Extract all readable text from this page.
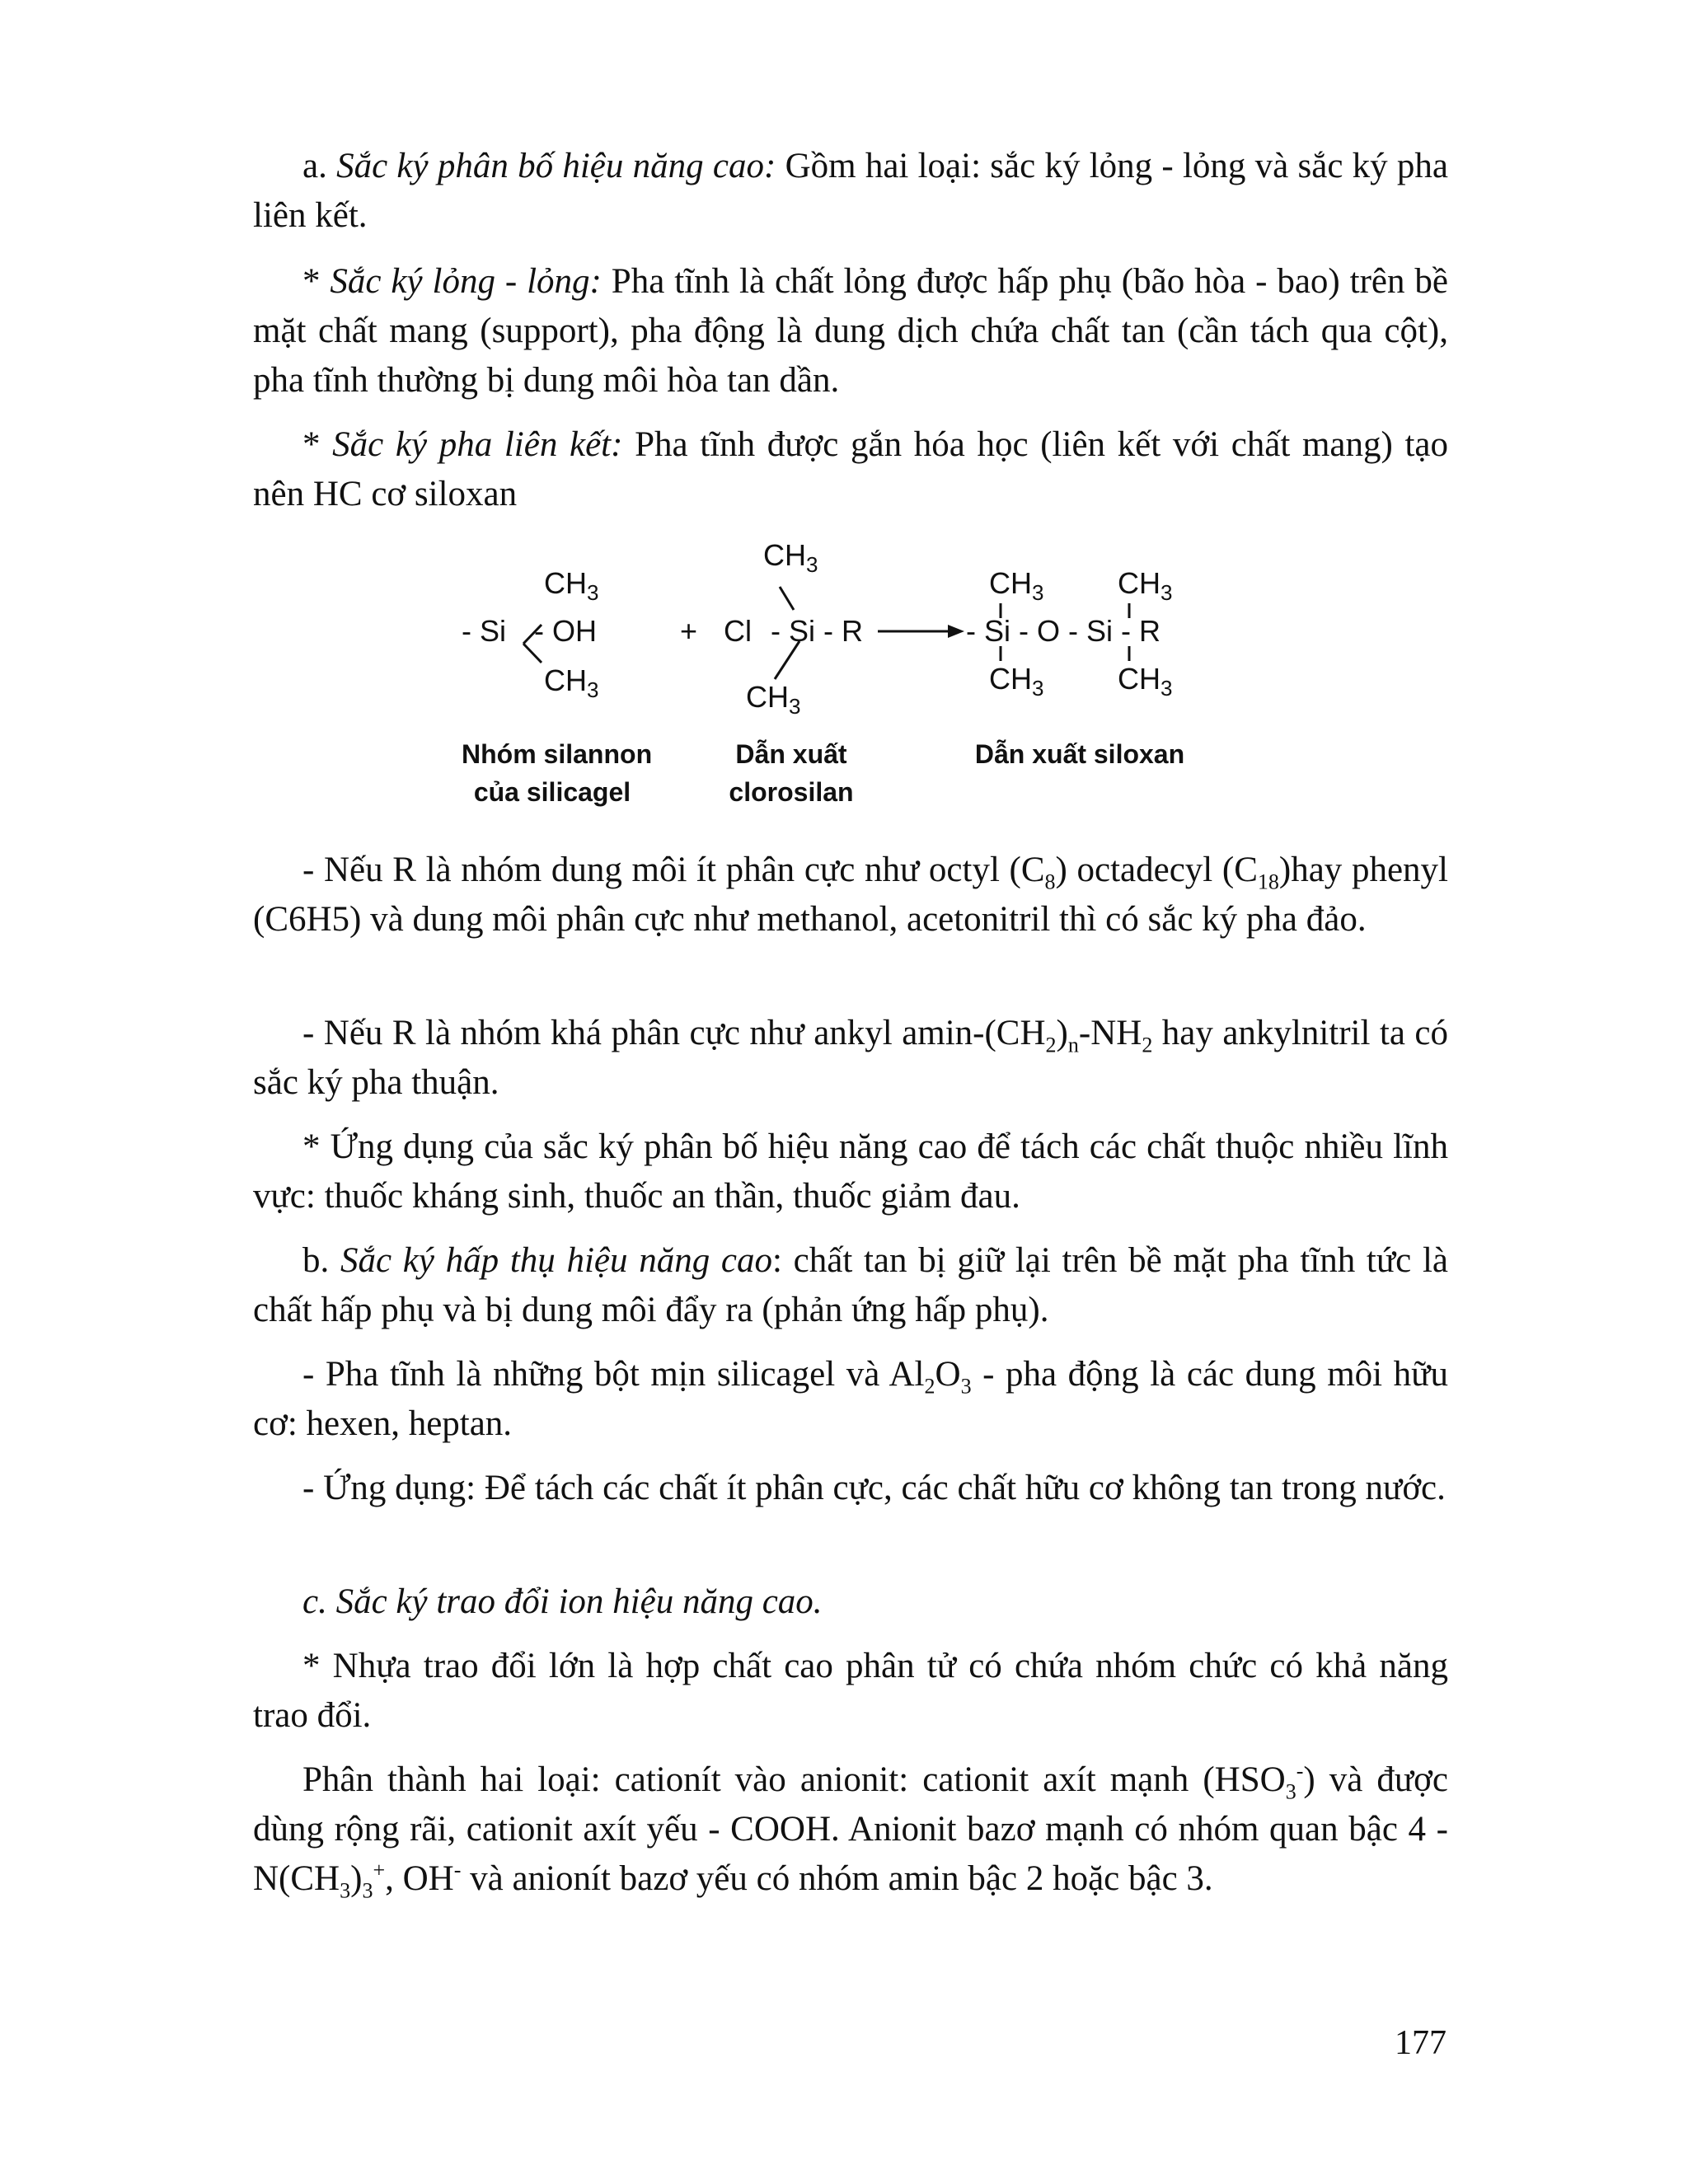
a. Sắc ký phân bố hiệu năng cao: Gồm hai loại: sắc ký lỏng - lỏng và sắc ký pha liên kết.

* Sắc ký lỏng - lỏng: Pha tĩnh là chất lỏng được hấp phụ (bão hòa - bao) trên bề mặt chất mang (support), pha động là dung dịch chứa chất tan (cần tách qua cột), pha tĩnh thường bị dung môi hòa tan dần.

* Sắc ký pha liên kết: Pha tĩnh được gắn hóa học (liên kết với chất mang) tạo nên HC cơ siloxan

$CH_3$
- Si - OH
$CH_3$
+
$CH_3$
Cl - Si - R
$CH_3$
$CH_3$ $CH_3$
- Si - O - Si - R
$CH_3$ $CH_3$
Nhóm silannon
của silicagel
Dẫn xuất
clorosilan
Dẫn xuất siloxan

- Nếu R là nhóm dung môi ít phân cực như octyl $(C_8)$ octadecyl $(C_{18})hay$ phenyl (C6H5) và dung môi phân cực như methanol, acetonitril thì có sắc ký pha đảo.

- Nếu R là nhóm khá phân cực như ankyl amin-$(CH_2)_n-NH_2$ hay ankylnitril ta có sắc ký pha thuận.

* Ứng dụng của sắc ký phân bố hiệu năng cao để tách các chất thuộc nhiều lĩnh vực: thuốc kháng sinh, thuốc an thần, thuốc giảm đau.

b. Sắc ký hấp thụ hiệu năng cao: chất tan bị giữ lại trên bề mặt pha tĩnh tức là chất hấp phụ và bị dung môi đẩy ra (phản ứng hấp phụ).

- Pha tĩnh là những bột mịn silicagel và $Al_2O_3$ - pha động là các dung môi hữu cơ: hexen, heptan.

- Ứng dụng: Để tách các chất ít phân cực, các chất hữu cơ không tan trong nước.

c. Sắc ký trao đổi ion hiệu năng cao.

* Nhựa trao đổi lớn là hợp chất cao phân tử có chứa nhóm chức có khả năng trao đổi.

Phân thành hai loại: cationít vào anionit: cationit axít mạnh $(HSO_3^-)$ và được dùng rộng rãi, cationit axít yếu - COOH. Anionit bazơ mạnh có nhóm quan bậc $4 - N(CH_3)_3^+$, OH- và anionít bazơ yếu có nhóm amin bậc 2 hoặc bậc 3.

177
